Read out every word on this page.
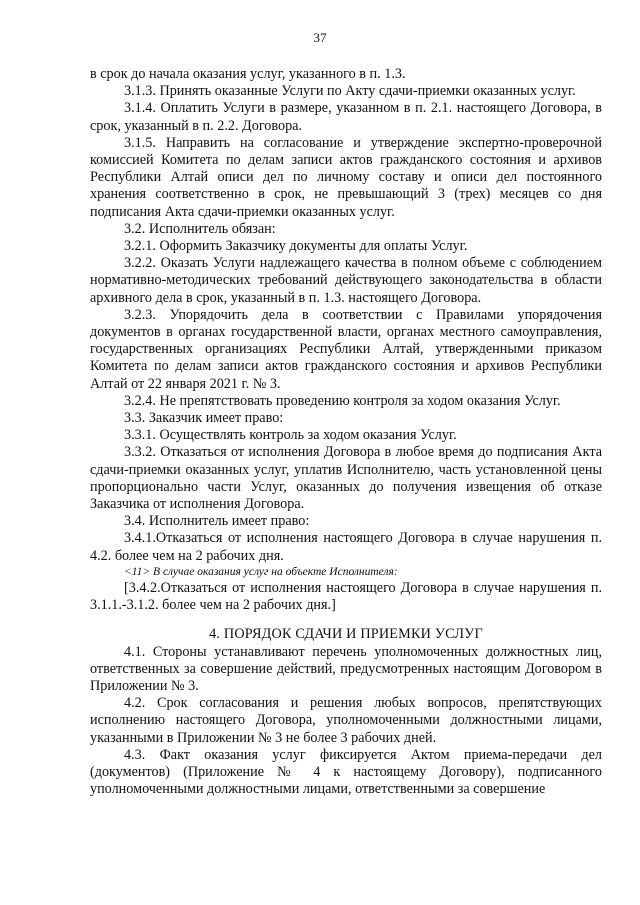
37

в срок до начала оказания услуг, указанного в п. 1.3.

3.1.3. Принять оказанные Услуги по Акту сдачи-приемки оказанных услуг.

3.1.4. Оплатить Услуги в размере, указанном в п. 2.1. настоящего Договора, в срок, указанный в п. 2.2. Договора.

3.1.5. Направить на согласование и утверждение экспертно-проверочной комиссией Комитета по делам записи актов гражданского состояния и архивов Республики Алтай описи дел по личному составу и описи дел постоянного хранения соответственно в срок, не превышающий 3 (трех) месяцев со дня подписания Акта сдачи-приемки оказанных услуг.

3.2. Исполнитель обязан:

3.2.1. Оформить Заказчику документы для оплаты Услуг.

3.2.2. Оказать Услуги надлежащего качества в полном объеме с соблюдением нормативно-методических требований действующего законодательства в области архивного дела в срок, указанный в п. 1.3. настоящего Договора.

3.2.3. Упорядочить дела в соответствии с Правилами упорядочения документов в органах государственной власти, органах местного самоуправления, государственных организациях Республики Алтай, утвержденными приказом Комитета по делам записи актов гражданского состояния и архивов Республики Алтай от 22 января 2021 г. № 3.

3.2.4. Не препятствовать проведению контроля за ходом оказания Услуг.

3.3. Заказчик имеет право:

3.3.1. Осуществлять контроль за ходом оказания Услуг.

3.3.2. Отказаться от исполнения Договора в любое время до подписания Акта сдачи-приемки оказанных услуг, уплатив Исполнителю, часть установленной цены пропорционально части Услуг, оказанных до получения извещения об отказе Заказчика от исполнения Договора.

3.4. Исполнитель имеет право:

3.4.1.Отказаться от исполнения настоящего Договора в случае нарушения п. 4.2. более чем на 2 рабочих дня.

<11> В случае оказания услуг на объекте Исполнителя:

[3.4.2.Отказаться от исполнения настоящего Договора в случае нарушения п. 3.1.1.-3.1.2. более чем на 2 рабочих дня.]

4. ПОРЯДОК СДАЧИ И ПРИЕМКИ УСЛУГ

4.1. Стороны устанавливают перечень уполномоченных должностных лиц, ответственных за совершение действий, предусмотренных настоящим Договором в Приложении № 3.

4.2. Срок согласования и решения любых вопросов, препятствующих исполнению настоящего Договора, уполномоченными должностными лицами, указанными в Приложении № 3 не более 3 рабочих дней.

4.3. Факт оказания услуг фиксируется Актом приема-передачи дел (документов) (Приложение № 4 к настоящему Договору), подписанного уполномоченными должностными лицами, ответственными за совершение
